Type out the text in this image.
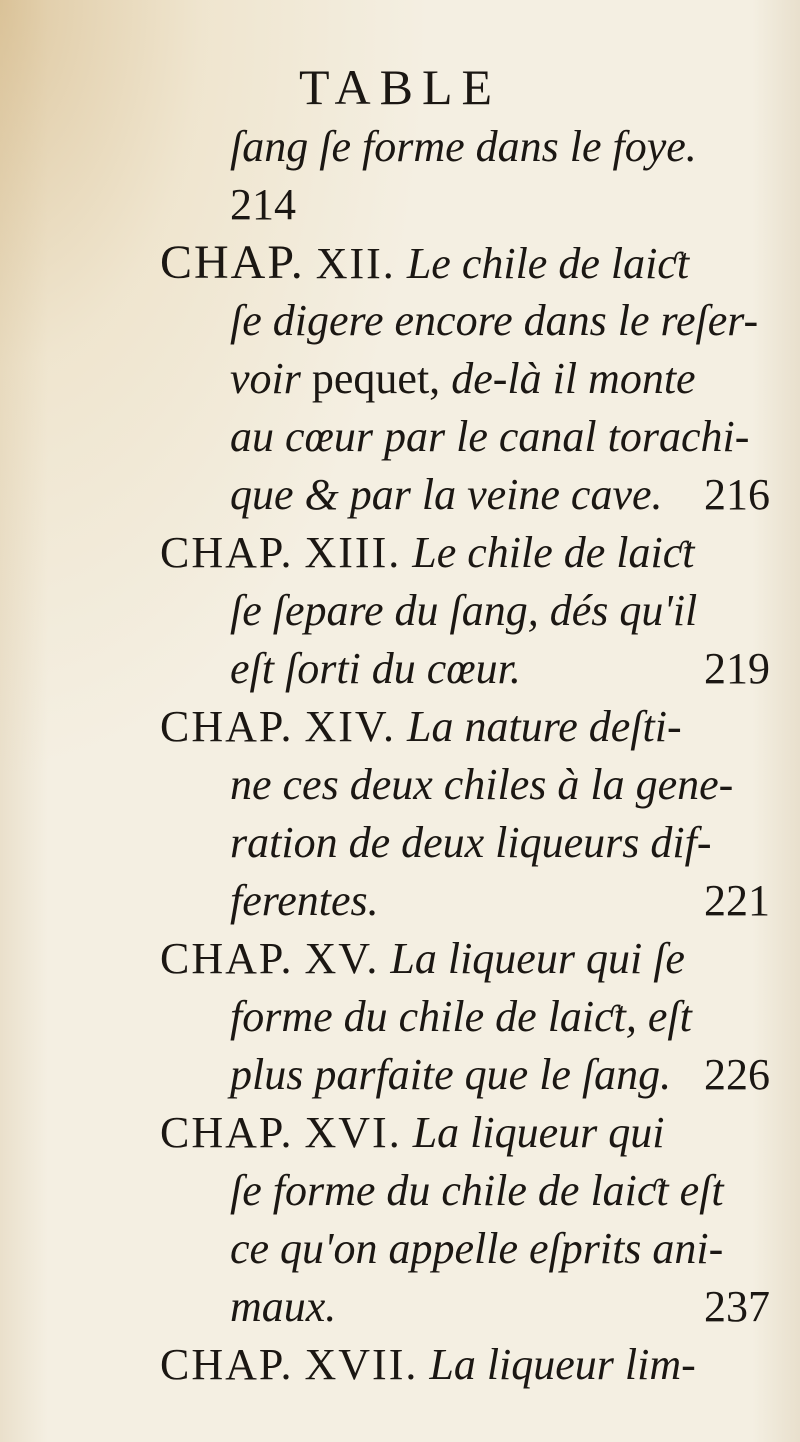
TABLE
ſang ſe forme dans le foye.
214
CHAP. XII. Le chile de laiƈt
ſe digere encore dans le reſer-
voir pequet, de-là il monte
au cœur par le canal torachi-
que & par la veine cave. 216
CHAP. XIII. Le chile de laiƈt
ſe ſepare du ſang, dés qu'il
eſt ſorti du cœur.	219
CHAP. XIV. La nature deſti-
ne ces deux chiles à la gene-
ration de deux liqueurs dif-
ferentes.	221
CHAP. XV. La liqueur qui ſe
forme du chile de laiƈt, eſt
plus parfaite que le ſang. 226
CHAP. XVI. La liqueur qui
ſe forme du chile de laiƈt eſt
ce qu'on appelle eſprits ani-
maux.	237
CHAP. XVII. La liqueur lim-
